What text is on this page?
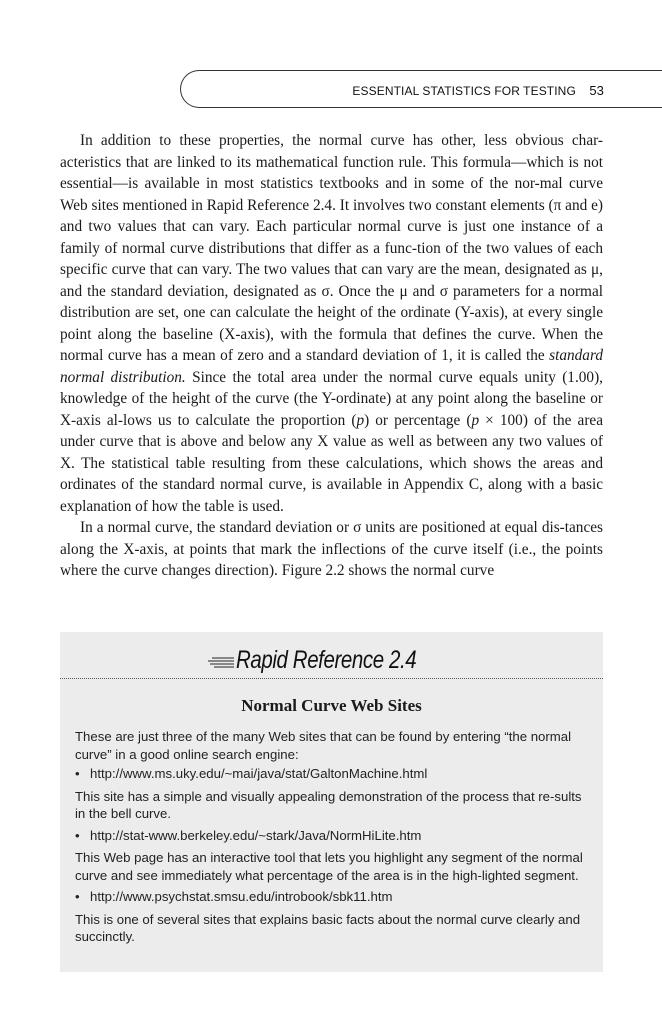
ESSENTIAL STATISTICS FOR TESTING 53

In addition to these properties, the normal curve has other, less obvious char-acteristics that are linked to its mathematical function rule. This formula—which is not essential—is available in most statistics textbooks and in some of the nor-mal curve Web sites mentioned in Rapid Reference 2.4. It involves two constant elements (π and e) and two values that can vary. Each particular normal curve is just one instance of a family of normal curve distributions that differ as a func-tion of the two values of each specific curve that can vary. The two values that can vary are the mean, designated as μ, and the standard deviation, designated as σ. Once the μ and σ parameters for a normal distribution are set, one can calculate the height of the ordinate (Y-axis), at every single point along the baseline (X-axis), with the formula that defines the curve. When the normal curve has a mean of zero and a standard deviation of 1, it is called the standard normal distribution. Since the total area under the normal curve equals unity (1.00), knowledge of the height of the curve (the Y-ordinate) at any point along the baseline or X-axis al-lows us to calculate the proportion (p) or percentage (p × 100) of the area under curve that is above and below any X value as well as between any two values of X. The statistical table resulting from these calculations, which shows the areas and ordinates of the standard normal curve, is available in Appendix C, along with a basic explanation of how the table is used.

In a normal curve, the standard deviation or σ units are positioned at equal dis-tances along the X-axis, at points that mark the inflections of the curve itself (i.e., the points where the curve changes direction). Figure 2.2 shows the normal curve

Rapid Reference 2.4
Normal Curve Web Sites

These are just three of the many Web sites that can be found by entering “the normal curve” in a good online search engine:

• http://www.ms.uky.edu/~mai/java/stat/GaltonMachine.html

This site has a simple and visually appealing demonstration of the process that re-sults in the bell curve.

• http://stat-www.berkeley.edu/~stark/Java/NormHiLite.htm

This Web page has an interactive tool that lets you highlight any segment of the normal curve and see immediately what percentage of the area is in the high-lighted segment.

• http://www.psychstat.smsu.edu/introbook/sbk11.htm

This is one of several sites that explains basic facts about the normal curve clearly and succinctly.
